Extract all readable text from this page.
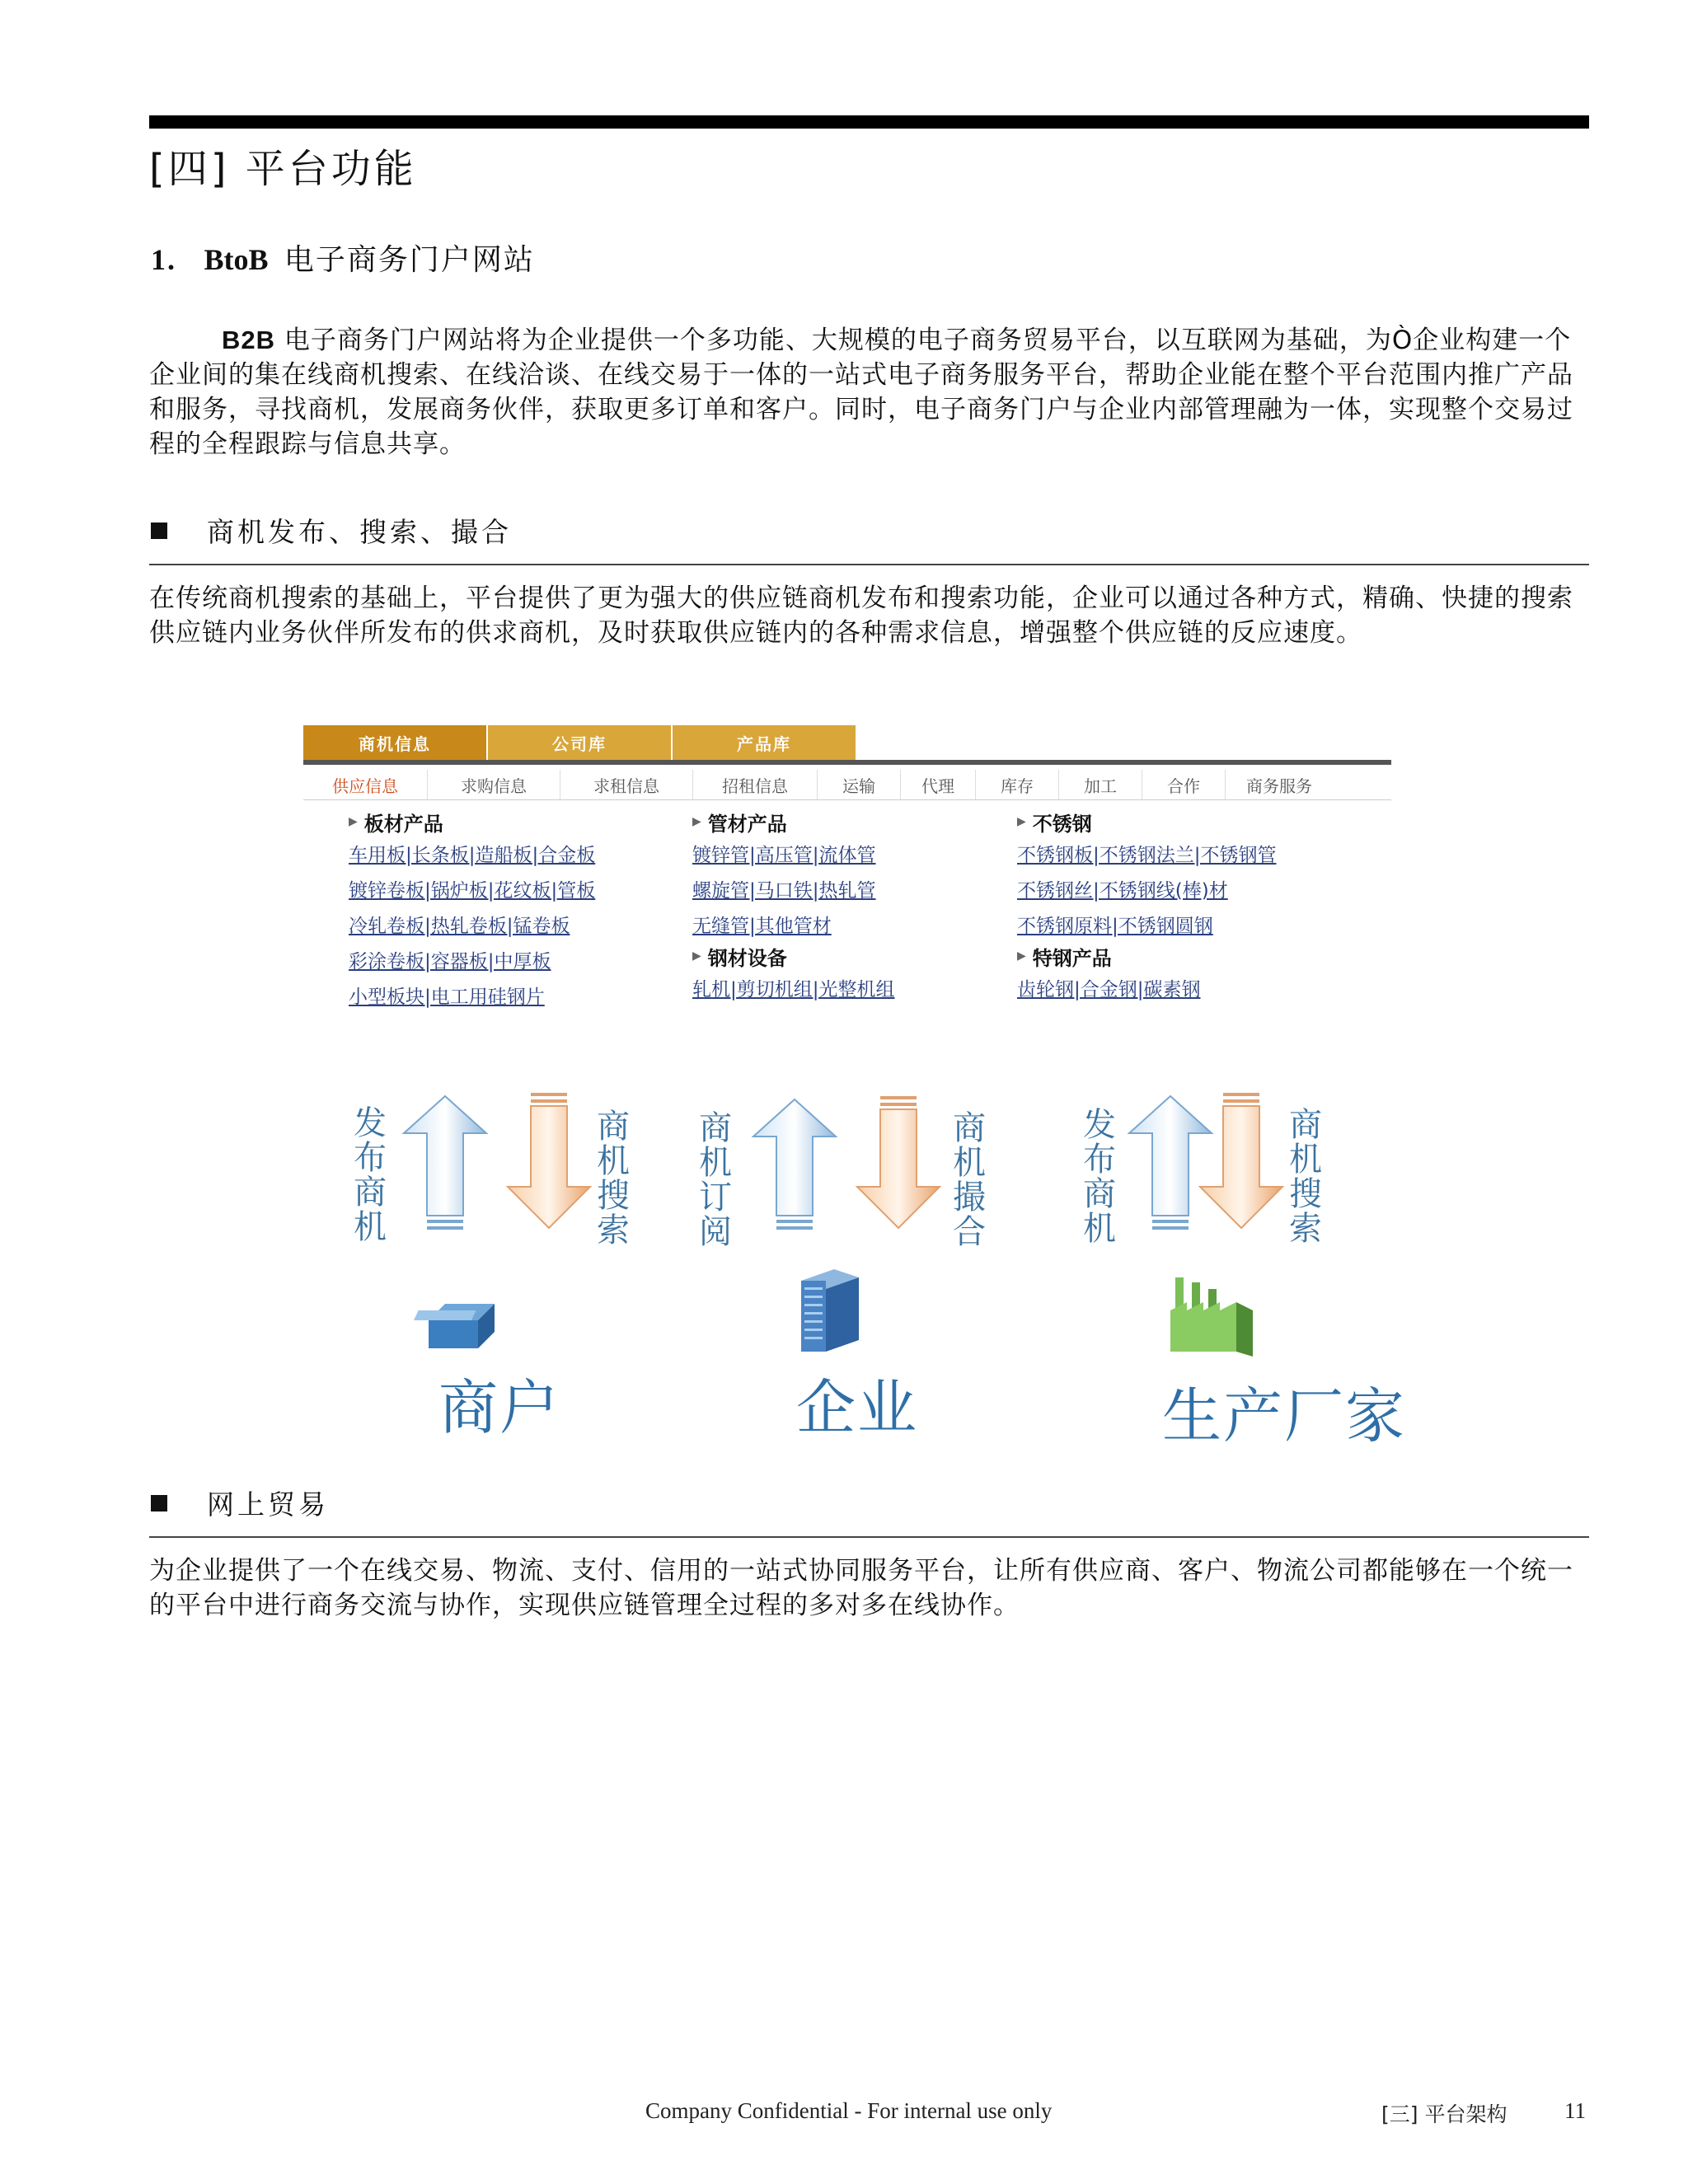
[四] 平台功能
1. BtoB 电子商务门户网站

B2B 电子商务门户网站将为企业提供一个多功能、大规模的电子商务贸易平台，以互联网为基础，为Ò企业构建一个企业间的集在线商机搜索、在线洽谈、在线交易于一体的一站式电子商务服务平台，帮助企业能在整个平台范围内推广产品和服务，寻找商机，发展商务伙伴，获取更多订单和客户。同时，电子商务门户与企业内部管理融为一体，实现整个交易过程的全程跟踪与信息共享。

商机发布、搜索、撮合

在传统商机搜索的基础上，平台提供了更为强大的供应链商机发布和搜索功能，企业可以通过各种方式，精确、快捷的搜索供应链内业务伙伴所发布的供求商机，及时获取供应链内的各种需求信息，增强整个供应链的反应速度。

商机信息	公司库	产品库
供应信息	求购信息	求租信息	招租信息	运输	代理	库存	加工	合作	商务服务
▶ 板材产品
车用板|长条板|造船板|合金板
镀锌卷板|锅炉板|花纹板|管板
冷轧卷板|热轧卷板|锰卷板
彩涂卷板|容器板|中厚板
小型板块|电工用硅钢片
▶ 管材产品
镀锌管|高压管|流体管
螺旋管|马口铁|热轧管
无缝管|其他管材
▶ 钢材设备
轧机|剪切机组|光整机组
▶ 不锈钢
不锈钢板|不锈钢法兰|不锈钢管
不锈钢丝|不锈钢线(棒)材
不锈钢原料|不锈钢圆钢
▶ 特钢产品
齿轮钢|合金钢|碳素钢
发布商机
商机搜索
商机订阅
商机撮合
发布商机
商机搜索
商户	企业	生产厂家
网上贸易

为企业提供了一个在线交易、物流、支付、信用的一站式协同服务平台，让所有供应商、客户、物流公司都能够在一个统一的平台中进行商务交流与协作，实现供应链管理全过程的多对多在线协作。

Company Confidential - For internal use only	[三] 平台架构	11
